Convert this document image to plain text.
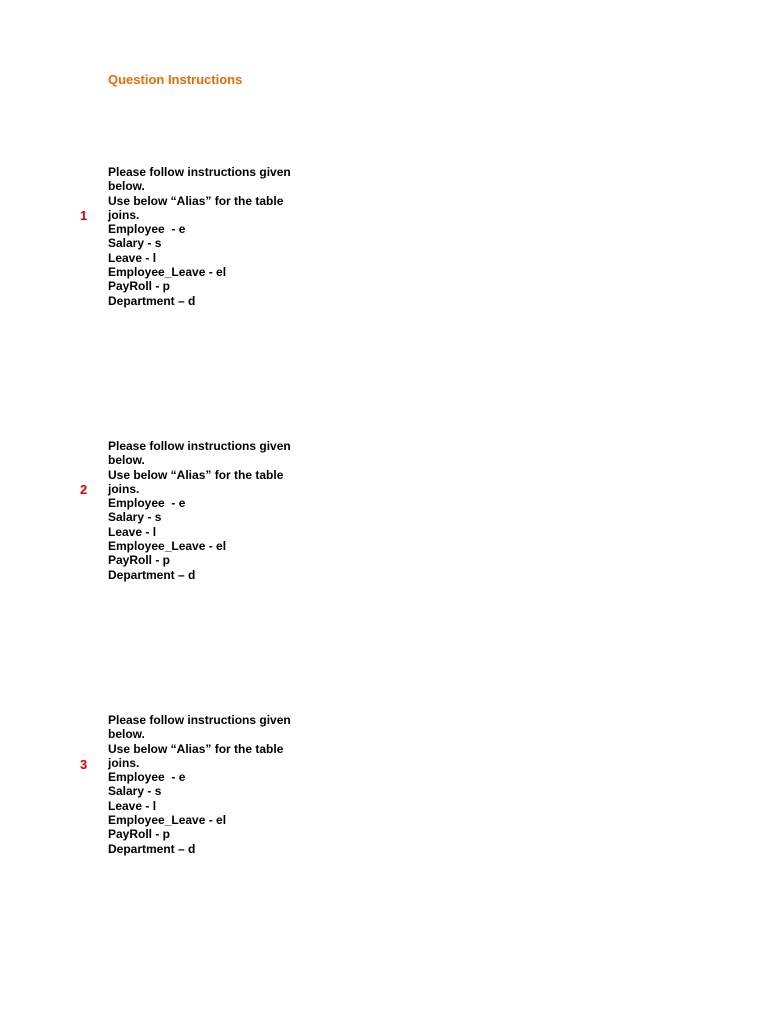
Question Instructions
1
Please follow instructions given
below.
Use below “Alias” for the table
joins.
Employee  - e
Salary - s
Leave - l
Employee_Leave - el
PayRoll - p
Department – d
2
Please follow instructions given
below.
Use below “Alias” for the table
joins.
Employee  - e
Salary - s
Leave - l
Employee_Leave - el
PayRoll - p
Department – d
3
Please follow instructions given
below.
Use below “Alias” for the table
joins.
Employee  - e
Salary - s
Leave - l
Employee_Leave - el
PayRoll - p
Department – d
